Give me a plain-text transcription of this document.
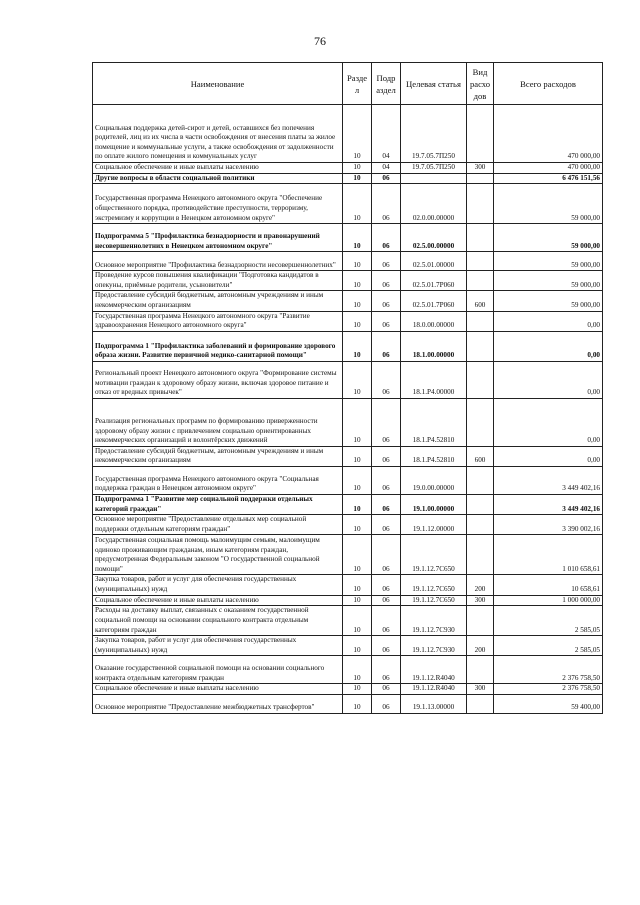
76
Наименование	Разде л	Подр аздел	Целевая статья	Вид расхо дов	Всего расходов
Социальная поддержка детей-сирот и детей, оставшихся без попечения родителей, лиц из их числа в части освобождения от внесения платы за жилое помещение и коммунальные услуги, а также освобождения от задолженности по оплате жилого помещения и коммунальных услуг	10	04	19.7.05.7П250		470 000,00
Социальное обеспечение и иные выплаты населению	10	04	19.7.05.7П250	300	470 000,00
Другие вопросы в области социальной политики	10	06			6 476 151,56
Государственная программа Ненецкого автономного округа "Обеспечение общественного порядка, противодействие преступности, терроризму, экстремизму и коррупции в Ненецком автономном округе"	10	06	02.0.00.00000		59 000,00
Подпрограмма 5 "Профилактика безнадзорности и правонарушений несовершеннолетних в Ненецком автономном округе"	10	06	02.5.00.00000		59 000,00
Основное мероприятие "Профилактика безнадзорности несовершеннолетних"	10	06	02.5.01.00000		59 000,00
Проведение курсов повышения квалификации "Подготовка кандидатов в опекуны, приёмные родители, усыновители"	10	06	02.5.01.7Р060		59 000,00
Предоставление субсидий бюджетным, автономным учреждениям и иным некоммерческим организациям	10	06	02.5.01.7Р060	600	59 000,00
Государственная программа Ненецкого автономного округа "Развитие здравоохранения Ненецкого автономного округа"	10	06	18.0.00.00000		0,00
Подпрограмма 1 "Профилактика заболеваний и формирование здорового образа жизни. Развитие первичной медико-санитарной помощи"	10	06	18.1.00.00000		0,00
Региональный проект Ненецкого автономного округа "Формирование системы мотивации граждан к здоровому образу жизни, включая здоровое питание и отказ от вредных привычек"	10	06	18.1.Р4.00000		0,00
Реализация региональных программ по формированию приверженности здоровому образу жизни с привлечением социально ориентированных некоммерческих организаций и волонтёрских движений	10	06	18.1.Р4.52810		0,00
Предоставление субсидий бюджетным, автономным учреждениям и иным некоммерческим организациям	10	06	18.1.Р4.52810	600	0,00
Государственная программа Ненецкого автономного округа "Социальная поддержка граждан в Ненецком автономном округе"	10	06	19.0.00.00000		3 449 402,16
Подпрограмма 1 "Развитие мер социальной поддержки отдельных категорий граждан"	10	06	19.1.00.00000		3 449 402,16
Основное мероприятие "Предоставление отдельных мер социальной поддержки отдельным категориям граждан"	10	06	19.1.12.00000		3 390 002,16
Государственная социальная помощь малоимущим семьям, малоимущим одиноко проживающим гражданам, иным категориям граждан, предусмотренная Федеральным законом "О государственной социальной помощи"	10	06	19.1.12.7С650		1 010 658,61
Закупка товаров, работ и услуг для обеспечения государственных (муниципальных) нужд	10	06	19.1.12.7С650	200	10 658,61
Социальное обеспечение и иные выплаты населению	10	06	19.1.12.7С650	300	1 000 000,00
Расходы на доставку выплат, связанных с оказанием государственной социальной помощи на основании социального контракта отдельным категориям граждан	10	06	19.1.12.7С930		2 585,05
Закупка товаров, работ и услуг для обеспечения государственных (муниципальных) нужд	10	06	19.1.12.7С930	200	2 585,05
Оказание государственной социальной помощи на основании социального контракта отдельным категориям граждан	10	06	19.1.12.R4040		2 376 758,50
Социальное обеспечение и иные выплаты населению	10	06	19.1.12.R4040	300	2 376 758,50
Основное мероприятие "Предоставление межбюджетных трансфертов"	10	06	19.1.13.00000		59 400,00
